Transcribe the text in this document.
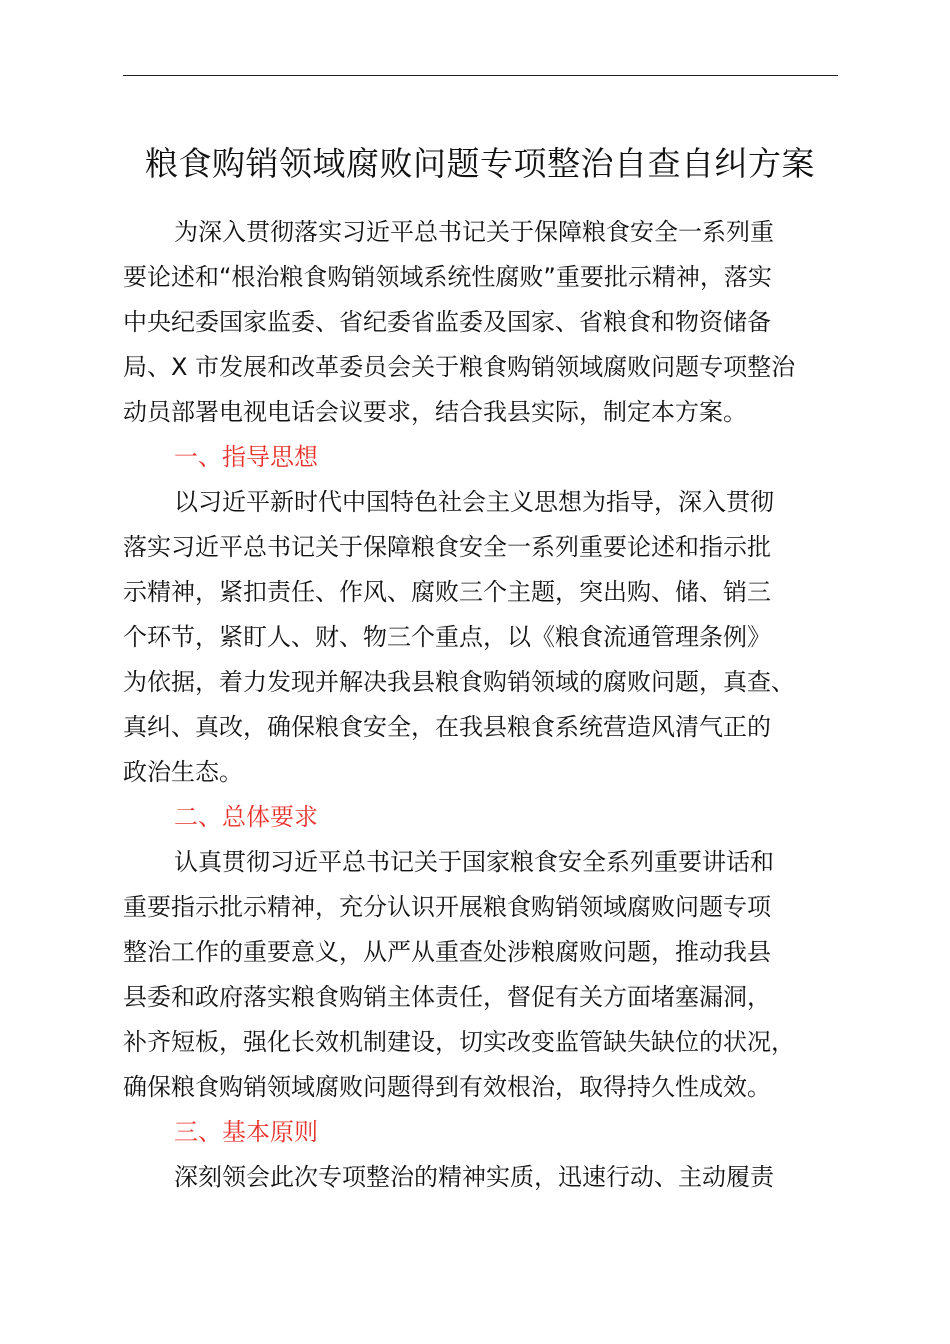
粮食购销领域腐败问题专项整治自查自纠方案
为深入贯彻落实习近平总书记关于保障粮食安全一系列重
要论述和“根治粮食购销领域系统性腐败”重要批示精神，落实
中央纪委国家监委、省纪委省监委及国家、省粮食和物资储备
局、X 市发展和改革委员会关于粮食购销领域腐败问题专项整治
动员部署电视电话会议要求，结合我县实际，制定本方案。
一、指导思想
以习近平新时代中国特色社会主义思想为指导，深入贯彻
落实习近平总书记关于保障粮食安全一系列重要论述和指示批
示精神，紧扣责任、作风、腐败三个主题，突出购、储、销三
个环节，紧盯人、财、物三个重点，以《粮食流通管理条例》
为依据，着力发现并解决我县粮食购销领域的腐败问题，真查、
真纠、真改，确保粮食安全，在我县粮食系统营造风清气正的
政治生态。
二、总体要求
认真贯彻习近平总书记关于国家粮食安全系列重要讲话和
重要指示批示精神，充分认识开展粮食购销领域腐败问题专项
整治工作的重要意义，从严从重查处涉粮腐败问题，推动我县
县委和政府落实粮食购销主体责任，督促有关方面堵塞漏洞，
补齐短板，强化长效机制建设，切实改变监管缺失缺位的状况，
确保粮食购销领域腐败问题得到有效根治，取得持久性成效。
三、基本原则
深刻领会此次专项整治的精神实质，迅速行动、主动履责
